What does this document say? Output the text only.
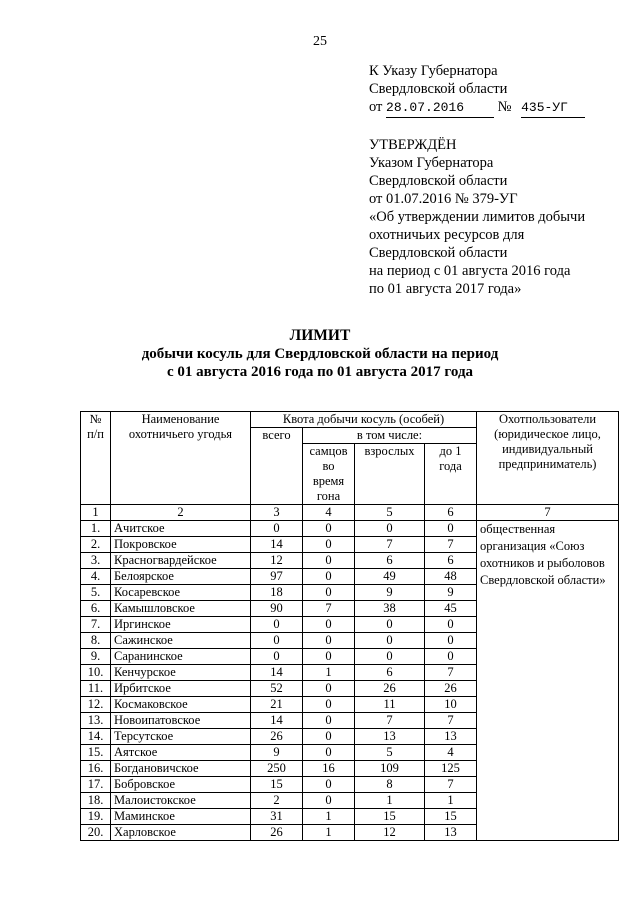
25
К Указу Губернатора
Свердловской области
от 28.07.2016 № 435-УГ
УТВЕРЖДЁН
Указом Губернатора
Свердловской области
от 01.07.2016 № 379-УГ
«Об утверждении лимитов добычи
охотничьих ресурсов для
Свердловской области
на период с 01 августа 2016 года
по 01 августа 2017 года»
ЛИМИТ
добычи косуль для Свердловской области на период
с 01 августа 2016 года по 01 августа 2017 года
№ п/п	Наименование охотничьего угодья	Квота добычи косуль (особей)				Охотпользователи (юридическое лицо, индивидуальный предприниматель)
		всего	в том числе:			
			самцов во время гона	взрослых	до 1 года	
1	2	3	4	5	6	7
1.	Ачитское	0	0	0	0	общественная организация «Союз охотников и рыболовов Свердловской области»
2.	Покровское	14	0	7	7	
3.	Красногвардейское	12	0	6	6	
4.	Белоярское	97	0	49	48	
5.	Косаревское	18	0	9	9	
6.	Камышловское	90	7	38	45	
7.	Иргинское	0	0	0	0	
8.	Сажинское	0	0	0	0	
9.	Саранинское	0	0	0	0	
10.	Кенчурское	14	1	6	7	
11.	Ирбитское	52	0	26	26	
12.	Космаковское	21	0	11	10	
13.	Новоипатовское	14	0	7	7	
14.	Терсутское	26	0	13	13	
15.	Аятское	9	0	5	4	
16.	Богдановичское	250	16	109	125	
17.	Бобровское	15	0	8	7	
18.	Малоистокское	2	0	1	1	
19.	Маминское	31	1	15	15	
20.	Харловское	26	1	12	13	
